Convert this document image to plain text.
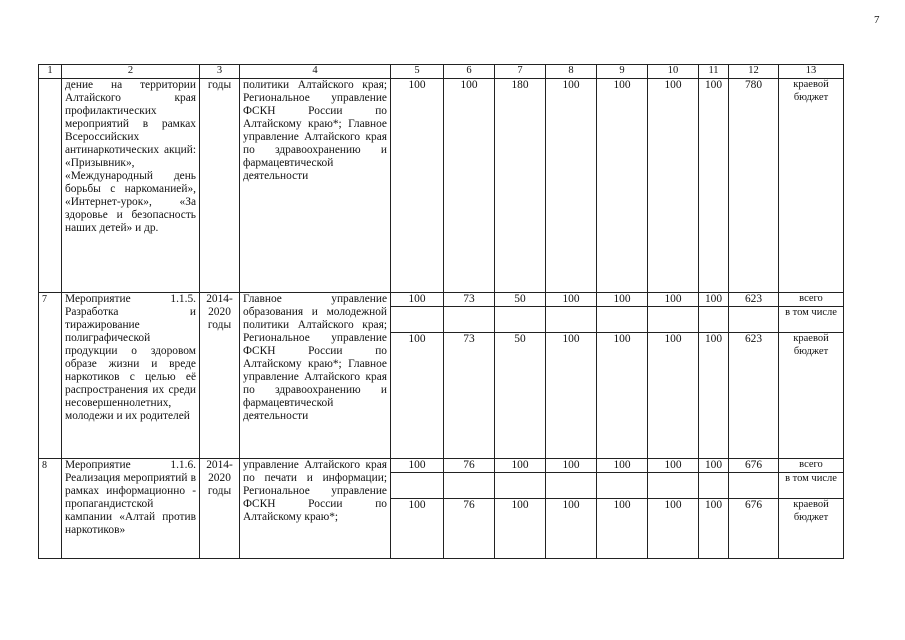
7
1	2	3	4	5	6	7	8	9	10	11	12	13
	дение на территории Алтайского края профилактических мероприятий в рамках Всероссийских антинаркотических акций: «Призывник», «Международный день борьбы с наркоманией», «Интернет-урок», «За здоровье и безопасность наших детей» и др.	годы	политики Алтайского края; Региональное управление ФСКН России по Алтайскому краю*; Главное управление Алтайского края по здравоохранению и фармацевтической деятельности	100	100	180	100	100	100	100	780	краевой бюджет
7	Мероприятие 1.1.5. Разработка и тиражирование полиграфической продукции о здоровом образе жизни и вреде наркотиков с целью её распространения их среди несовершеннолетних, молодежи и их родителей	2014-2020 годы	Главное управление образования и молодежной политики Алтайского края; Региональное управление ФСКН России по Алтайскому краю*; Главное управление Алтайского края по здравоохранению и фармацевтической деятельности	100	73	50	100	100	100	100	623	всего
												в том числе
				100	73	50	100	100	100	100	623	краевой бюджет
8	Мероприятие 1.1.6. Реализация мероприятий в рамках информационно - пропагандистской кампании «Алтай против наркотиков»	2014-2020 годы	управление Алтайского края по печати и информации; Региональное управление ФСКН России по Алтайскому краю*;	100	76	100	100	100	100	100	676	всего
												в том числе
				100	76	100	100	100	100	100	676	краевой бюджет
